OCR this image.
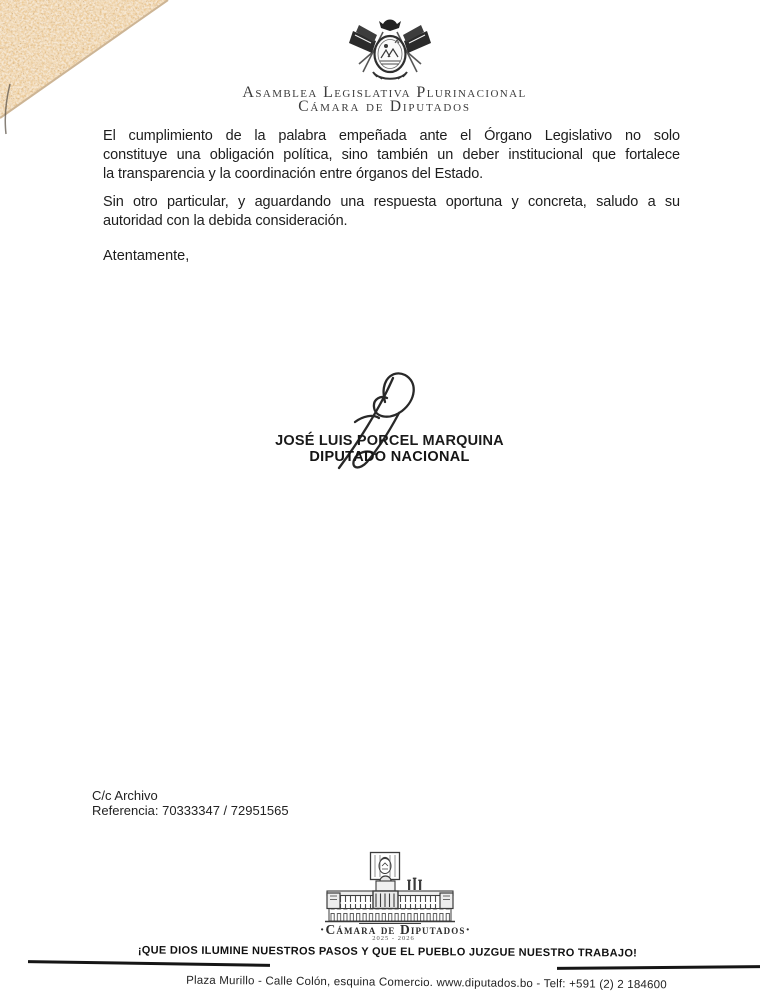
Asamblea Legislativa Plurinacional
Cámara de Diputados
El cumplimiento de la palabra empeñada ante el Órgano Legislativo no solo
constituye una obligación política, sino también un deber institucional que fortalece
la transparencia y la coordinación entre órganos del Estado.
Sin otro particular, y aguardando una respuesta oportuna y concreta, saludo a su
autoridad con la debida consideración.
Atentamente,
JOSÉ LUIS PORCEL MARQUINA
DIPUTADO NACIONAL
C/c Archivo
Referencia: 70333347 / 72951565
·Cámara de Diputados·
2025 - 2026
¡QUE DIOS ILUMINE NUESTROS PASOS Y QUE EL PUEBLO JUZGUE NUESTRO TRABAJO!
Plaza Murillo - Calle Colón, esquina Comercio. www.diputados.bo - Telf: +591 (2) 2 184600
